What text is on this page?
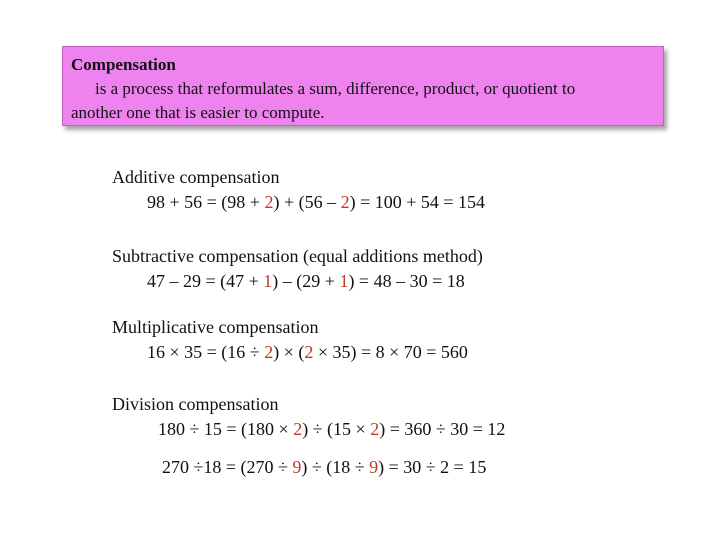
Compensation
is a process that reformulates a sum, difference, product, or quotient to
another one that is easier to compute.
Additive compensation
98 + 56 = (98 + 2) + (56 – 2) = 100 + 54 = 154
Subtractive compensation (equal additions method)
47 – 29 = (47 + 1) – (29 + 1) = 48 – 30 = 18
Multiplicative compensation
16 × 35 = (16 ÷ 2) × (2 × 35) = 8 × 70 = 560
Division compensation
180 ÷ 15 = (180 × 2) ÷ (15 × 2) = 360 ÷ 30 = 12
270 ÷18 = (270 ÷ 9) ÷ (18 ÷ 9) = 30 ÷ 2 = 15
